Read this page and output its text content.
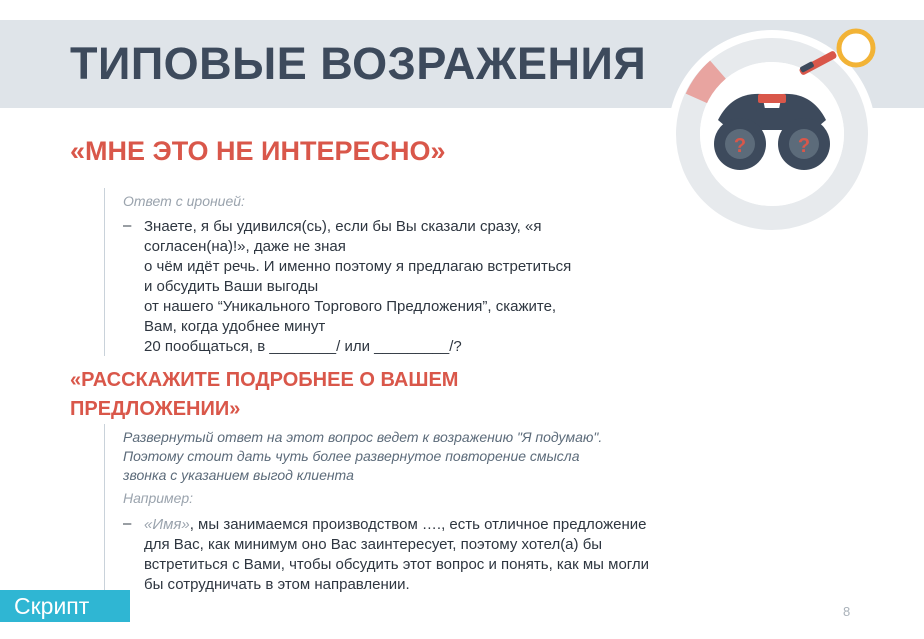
ТИПОВЫЕ ВОЗРАЖЕНИЯ
?	?
«МНЕ ЭТО НЕ ИНТЕРЕСНО»
Ответ с иронией:
– Знаете, я бы удивился(сь), если бы Вы сказали сразу, «я
согласен(на)!», даже не зная
о чём идёт речь. И именно поэтому я предлагаю встретиться
и обсудить Ваши выгоды
от нашего “Уникального Торгового Предложения”, скажите,
Вам, когда удобнее минут
20 пообщаться, в ________/ или _________/?
«РАССКАЖИТЕ ПОДРОБНЕЕ О ВАШЕМ
ПРЕДЛОЖЕНИИ»
Развернутый ответ на этот вопрос ведет к возражению "Я подумаю".
Поэтому стоит дать чуть более развернутое повторение смысла
звонка с указанием выгод клиента
Например:
– «Имя», мы занимаемся производством …., есть отличное предложение
для Вас, как минимум оно Вас заинтересует, поэтому хотел(а) бы
встретиться с Вами, чтобы обсудить этот вопрос и понять, как мы могли
бы сотрудничать в этом направлении.
Скрипт	8
